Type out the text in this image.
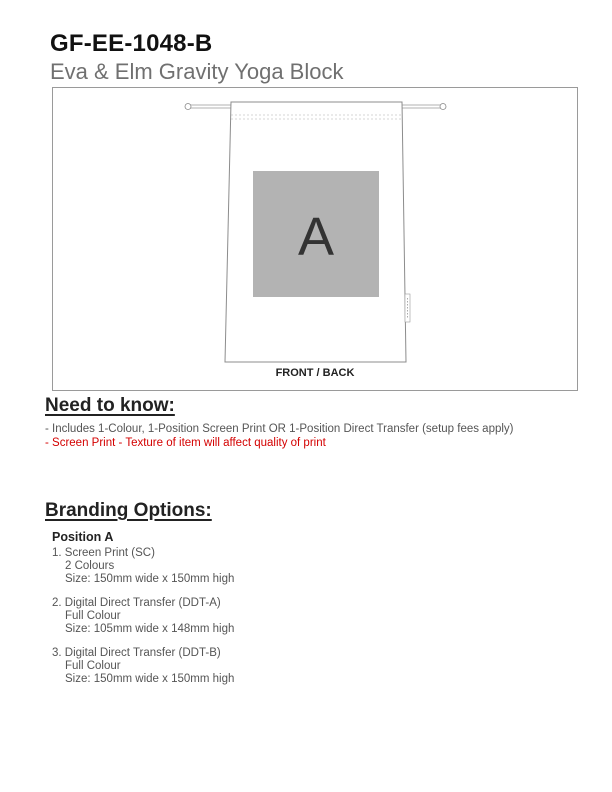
GF-EE-1048-B
Eva & Elm Gravity Yoga Block
A
FRONT / BACK
Need to know:
- Includes 1-Colour, 1-Position Screen Print OR 1-Position Direct Transfer (setup fees apply)
- Screen Print - Texture of item will affect quality of print
Branding Options:
Position A
1. Screen Print (SC)
2 Colours
Size: 150mm wide x 150mm high
2. Digital Direct Transfer (DDT-A)
Full Colour
Size: 105mm wide x 148mm high
3. Digital Direct Transfer (DDT-B)
Full Colour
Size: 150mm wide x 150mm high
